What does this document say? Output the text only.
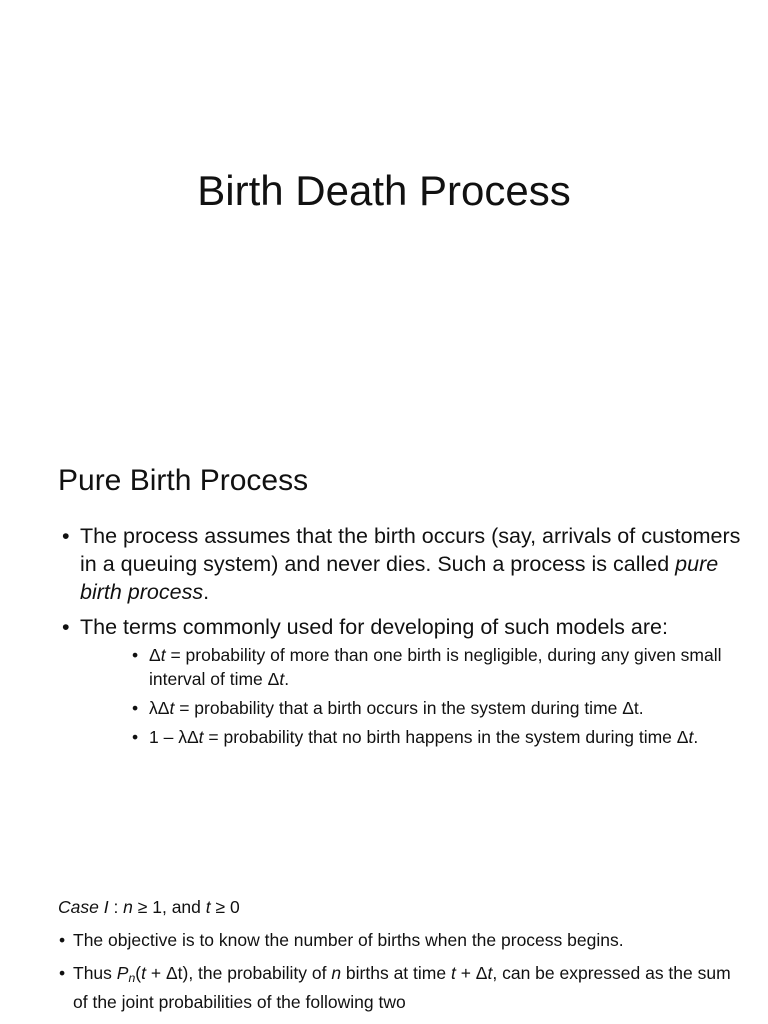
Birth Death Process
Pure Birth Process
• The process assumes that the birth occurs (say, arrivals of customers in a queuing system) and never dies. Such a process is called pure birth process.
• The terms commonly used for developing of such models are:
• Δt = probability of more than one birth is negligible, during any given small interval of time Δt.
• λΔt = probability that a birth occurs in the system during time Δt.
• 1 – λΔt = probability that no birth happens in the system during time Δt.
Case I : n ≥ 1, and t ≥ 0
• The objective is to know the number of births when the process begins.
• Thus $P_n(t + \Delta t)$, the probability of n births at time t + Δt, can be expressed as the sum of the joint probabilities of the following two
